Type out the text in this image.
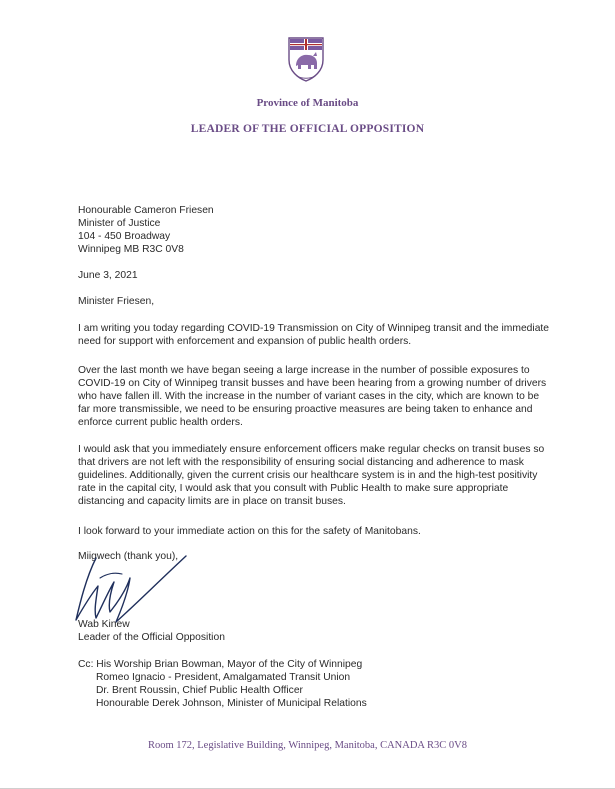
Province of Manitoba
LEADER OF THE OFFICIAL OPPOSITION
Honourable Cameron Friesen
Minister of Justice
104 - 450 Broadway
Winnipeg MB R3C 0V8
June 3, 2021
Minister Friesen,
I am writing you today regarding COVID-19 Transmission on City of Winnipeg transit and the immediate
need for support with enforcement and expansion of public health orders.
Over the last month we have began seeing a large increase in the number of possible exposures to
COVID-19 on City of Winnipeg transit busses and have been hearing from a growing number of drivers
who have fallen ill. With the increase in the number of variant cases in the city, which are known to be
far more transmissible, we need to be ensuring proactive measures are being taken to enhance and
enforce current public health orders.
I would ask that you immediately ensure enforcement officers make regular checks on transit buses so
that drivers are not left with the responsibility of ensuring social distancing and adherence to mask
guidelines. Additionally, given the current crisis our healthcare system is in and the high-test positivity
rate in the capital city, I would ask that you consult with Public Health to make sure appropriate
distancing and capacity limits are in place on transit buses.
I look forward to your immediate action on this for the safety of Manitobans.
Miigwech (thank you),
Wab Kinew
Leader of the Official Opposition
Cc: His Worship Brian Bowman, Mayor of the City of Winnipeg
Romeo Ignacio - President, Amalgamated Transit Union
Dr. Brent Roussin, Chief Public Health Officer
Honourable Derek Johnson, Minister of Municipal Relations
Room 172, Legislative Building, Winnipeg, Manitoba, CANADA R3C 0V8
